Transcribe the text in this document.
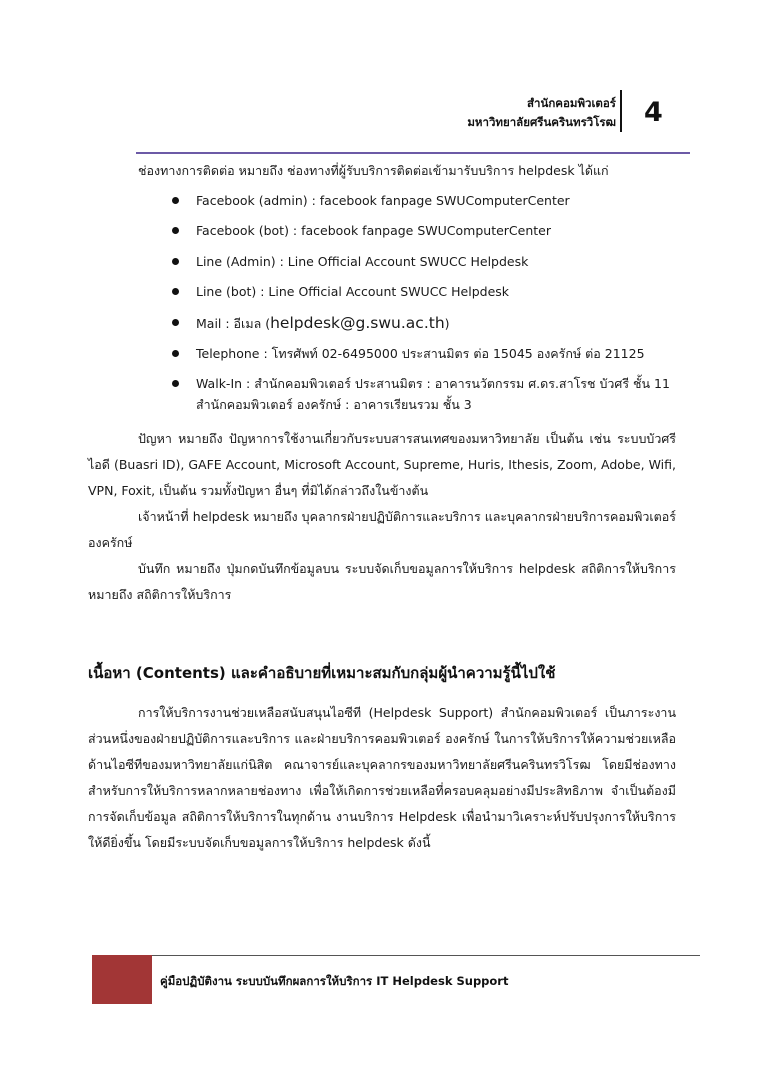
สำนักคอมพิวเตอร์
มหาวิทยาลัยศรีนครินทรวิโรฒ 4

ช่องทางการติดต่อ หมายถึง ช่องทางที่ผู้รับบริการติดต่อเข้ามารับบริการ helpdesk ได้แก่

Facebook (admin) : facebook fanpage SWUComputerCenter
Facebook (bot) : facebook fanpage SWUComputerCenter
Line (Admin) : Line Official Account SWUCC Helpdesk
Line (bot) : Line Official Account SWUCC Helpdesk
Mail : อีเมล (helpdesk@g.swu.ac.th)
Telephone : โทรศัพท์ 02-6495000 ประสานมิตร ต่อ 15045 องครักษ์ ต่อ 21125
Walk-In : สำนักคอมพิวเตอร์ ประสานมิตร : อาคารนวัตกรรม ศ.ดร.สาโรช บัวศรี ชั้น 11
สำนักคอมพิวเตอร์ องครักษ์ : อาคารเรียนรวม ชั้น 3

ปัญหา หมายถึง ปัญหาการใช้งานเกี่ยวกับระบบสารสนเทศของมหาวิทยาลัย เป็นต้น เช่น ระบบบัวศรีไอดี (Buasri ID), GAFE Account, Microsoft Account, Supreme, Huris, Ithesis, Zoom, Adobe, Wifi, VPN, Foxit, เป็นต้น รวมทั้งปัญหา อื่นๆ ที่มิได้กล่าวถึงในข้างต้น

เจ้าหน้าที่ helpdesk หมายถึง บุคลากรฝ่ายปฏิบัติการและบริการ และบุคลากรฝ่ายบริการคอมพิวเตอร์ องครักษ์

บันทึก หมายถึง ปุ่มกดบันทึกข้อมูลบน ระบบจัดเก็บขอมูลการให้บริการ helpdesk สถิติการให้บริการ หมายถึง สถิติการให้บริการ

เนื้อหา (Contents) และคำอธิบายที่เหมาะสมกับกลุ่มผู้นำความรู้นี้ไปใช้

การให้บริการงานช่วยเหลือสนับสนุนไอซีที (Helpdesk Support) สำนักคอมพิวเตอร์ เป็นภาระงานส่วนหนึ่งของฝ่ายปฏิบัติการและบริการ และฝ่ายบริการคอมพิวเตอร์ องครักษ์ ในการให้บริการให้ความช่วยเหลือ ด้านไอซีทีของมหาวิทยาลัยแก่นิสิต คณาจารย์และบุคลากรของมหาวิทยาลัยศรีนครินทรวิโรฒ โดยมีช่องทางสำหรับการให้บริการหลากหลายช่องทาง เพื่อให้เกิดการช่วยเหลือที่ครอบคลุมอย่างมีประสิทธิภาพ จำเป็นต้องมีการจัดเก็บข้อมูล สถิติการให้บริการในทุกด้าน งานบริการ Helpdesk เพื่อนำมาวิเคราะห์ปรับปรุงการให้บริการให้ดียิ่งขึ้น โดยมีระบบจัดเก็บขอมูลการให้บริการ helpdesk ดังนี้

คู่มือปฏิบัติงาน ระบบบันทึกผลการให้บริการ IT Helpdesk Support
